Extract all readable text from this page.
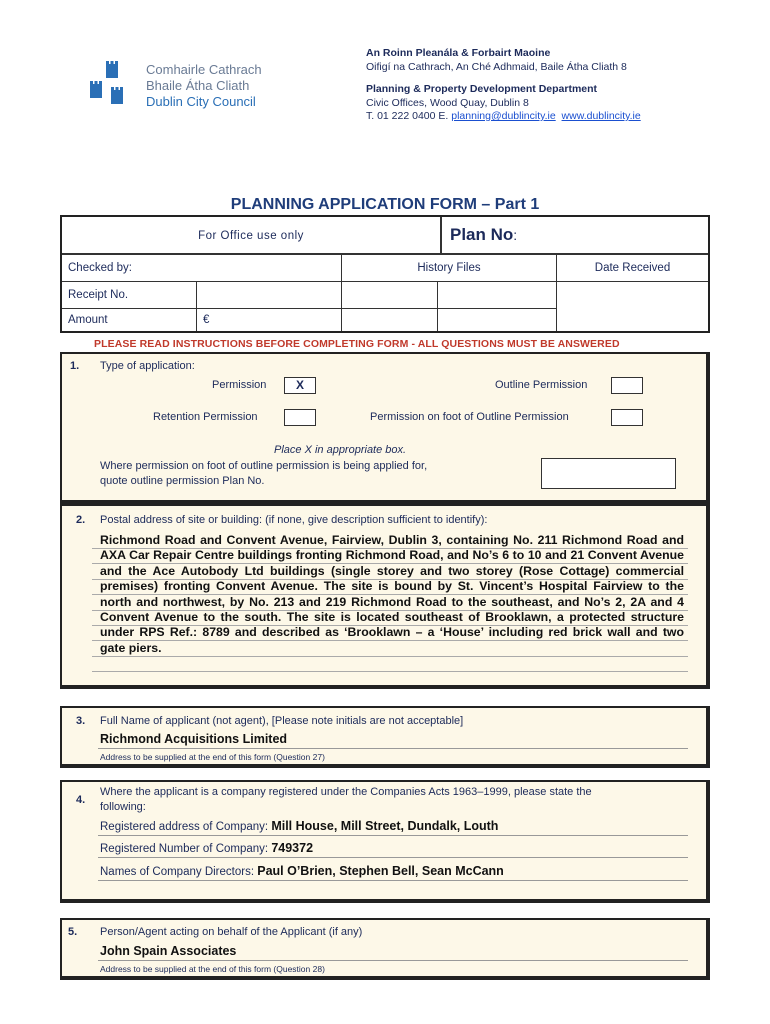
Comhairle Cathrach
Bhaile Átha Cliath
Dublin City Council
An Roinn Pleanála & Forbairt Maoine
Oifigí na Cathrach, An Ché Adhmaid, Baile Átha Cliath 8
Planning & Property Development Department
Civic Offices, Wood Quay, Dublin 8
T. 01 222 0400 E. planning@dublincity.ie www.dublincity.ie
PLANNING APPLICATION FORM – Part 1
For Office use only	Plan No:
Checked by:	History Files	Date Received
Receipt No.
Amount	€
PLEASE READ INSTRUCTIONS BEFORE COMPLETING FORM - ALL QUESTIONS MUST BE ANSWERED
1. Type of application:
Permission	X	Outline Permission
Retention Permission	Permission on foot of Outline Permission
Place X in appropriate box.
Where permission on foot of outline permission is being applied for,
quote outline permission Plan No.
2. Postal address of site or building: (if none, give description sufficient to identify):
Richmond Road and Convent Avenue, Fairview, Dublin 3, containing No. 211 Richmond Road and AXA Car Repair Centre buildings fronting Richmond Road, and No’s 6 to 10 and 21 Convent Avenue and the Ace Autobody Ltd buildings (single storey and two storey (Rose Cottage) commercial premises) fronting Convent Avenue. The site is bound by St. Vincent’s Hospital Fairview to the north and northwest, by No. 213 and 219 Richmond Road to the southeast, and No’s 2, 2A and 4 Convent Avenue to the south. The site is located southeast of Brooklawn, a protected structure under RPS Ref.: 8789 and described as ‘Brooklawn – a ‘House’ including red brick wall and two gate piers.
3. Full Name of applicant (not agent), [Please note initials are not acceptable]
Richmond Acquisitions Limited
Address to be supplied at the end of this form (Question 27)
4.
Where the applicant is a company registered under the Companies Acts 1963–1999, please state the
following:
Registered address of Company: Mill House, Mill Street, Dundalk, Louth
Registered Number of Company: 749372
Names of Company Directors: Paul O’Brien, Stephen Bell, Sean McCann
5. Person/Agent acting on behalf of the Applicant (if any)
John Spain Associates
Address to be supplied at the end of this form (Question 28)
